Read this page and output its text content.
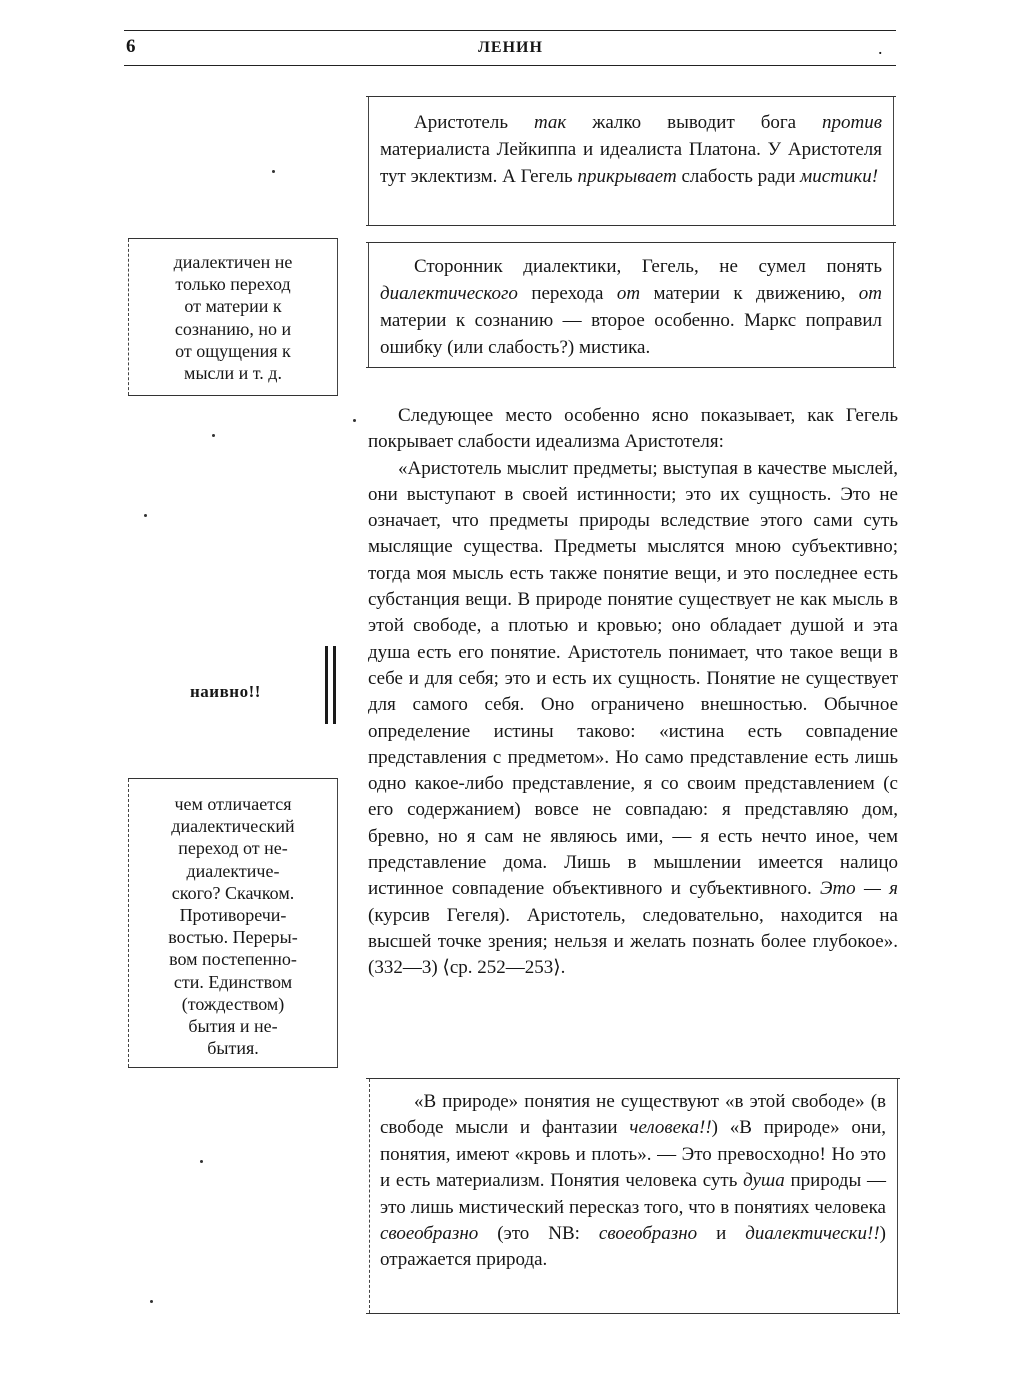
6	ЛЕНИН	.

Аристотель так жалко выводит бога против материалиста Лейкиппа и идеалиста Платона. У Аристотеля тут эклектизм. А Гегель прикрывает слабость ради мистики!

Сторонник диалектики, Гегель, не сумел понять диалектического перехода от материи к движению, от материи к сознанию — второе особенно. Маркс поправил ошибку (или слабость?) мистика.

диалектичен не
только переход
от материи к
сознанию, но и
от ощущения к
мысли и т. д.
наивно!!
чем отличается
диалектический
переход от не-
диалектиче-
ского? Скачком.
Противоречи-
востью. Переры-
вом постепенно-
сти. Единством
(тождеством)
бытия и не-
бытия.

Следующее место особенно ясно показывает, как Гегель покрывает слабости идеализма Аристотеля:

«Аристотель мыслит предметы; выступая в качестве мыслей, они выступают в своей истинности; это их сущность. Это не означает, что предметы природы вследствие этого сами суть мыслящие существа. Предметы мыслятся мною субъективно; тогда моя мысль есть также понятие вещи, и это последнее есть субстанция вещи. В природе понятие существует не как мысль в этой свободе, а плотью и кровью; оно обладает душой и эта душа есть его понятие. Аристотель понимает, что такое вещи в себе и для себя; это и есть их сущность. Понятие не существует для самого себя. Оно ограничено внешностью. Обычное определение истины таково: «истина есть совпадение представления с предметом». Но само представление есть лишь одно какое-либо представление, я со своим представлением (с его содержанием) вовсе не совпадаю: я представляю дом, бревно, но я сам не являюсь ими, — я есть нечто иное, чем представление дома. Лишь в мышлении имеется налицо истинное совпадение объективного и субъективного. Это — я (курсив Гегеля). Аристотель, следовательно, находится на высшей точке зрения; нельзя и желать познать более глубокое». (332—3) ⟨ср. 252—253⟩.

«В природе» понятия не существуют «в этой свободе» (в свободе мысли и фантазии человека!!) «В природе» они, понятия, имеют «кровь и плоть». — Это превосходно! Но это и есть материализм. Понятия человека суть душа природы — это лишь мистический пересказ того, что в понятиях человека своеобразно (это NB: своеобразно и диалектически!!) отражается природа.
